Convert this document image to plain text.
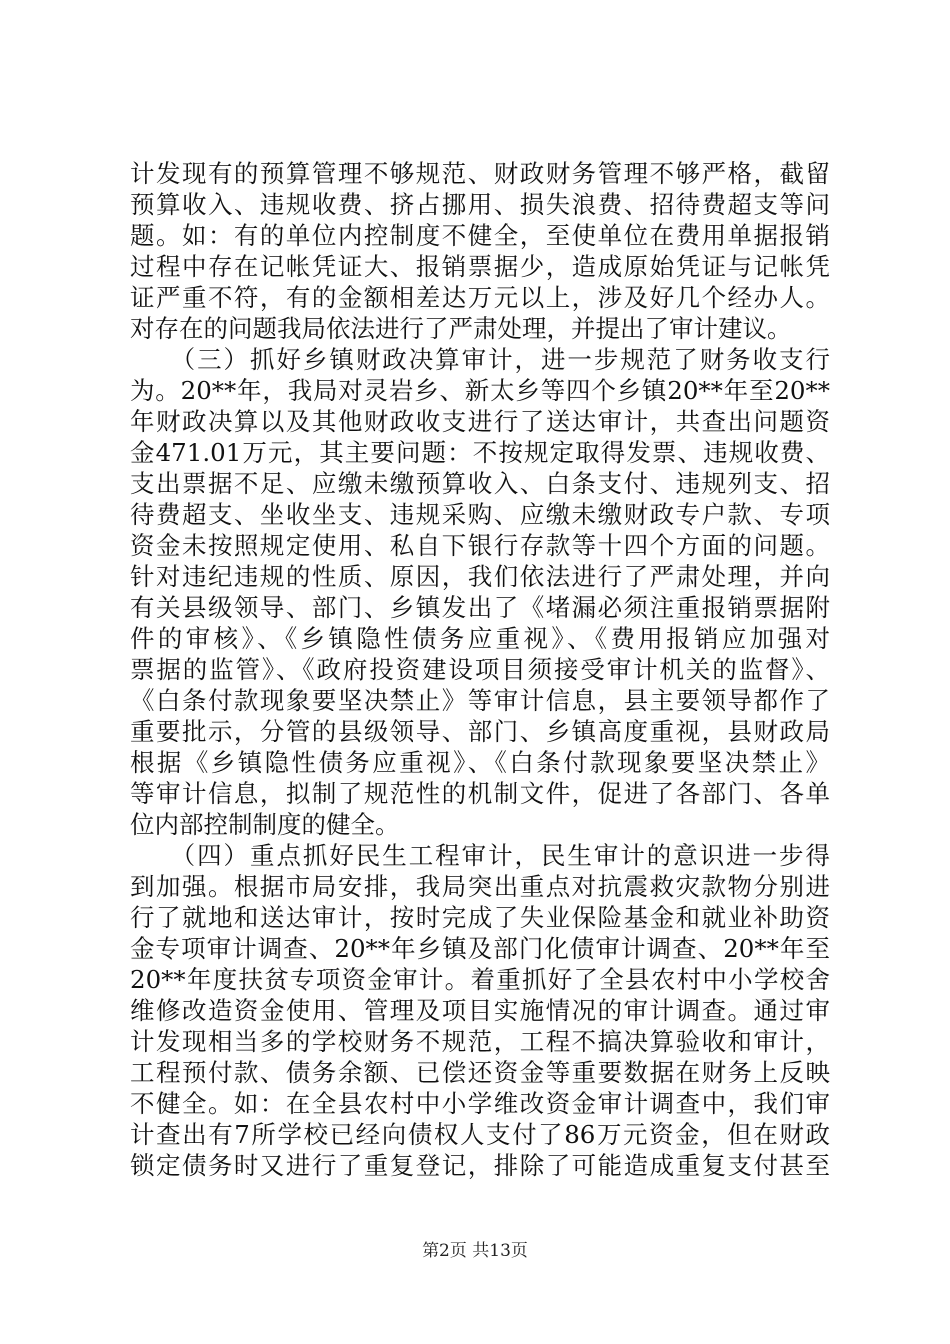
计发现有的预算管理不够规范、财政财务管理不够严格，截留
预算收入、违规收费、挤占挪用、损失浪费、招待费超支等问
题。如：有的单位内控制度不健全，至使单位在费用单据报销
过程中存在记帐凭证大、报销票据少，造成原始凭证与记帐凭
证严重不符，有的金额相差达万元以上，涉及好几个经办人。
对存在的问题我局依法进行了严肃处理，并提出了审计建议。
　　（三）抓好乡镇财政决算审计，进一步规范了财务收支行
为。20**年，我局对灵岩乡、新太乡等四个乡镇20**年至20**
年财政决算以及其他财政收支进行了送达审计，共查出问题资
金471.01万元，其主要问题：不按规定取得发票、违规收费、
支出票据不足、应缴未缴预算收入、白条支付、违规列支、招
待费超支、坐收坐支、违规采购、应缴未缴财政专户款、专项
资金未按照规定使用、私自下银行存款等十四个方面的问题。
针对违纪违规的性质、原因，我们依法进行了严肃处理，并向
有关县级领导、部门、乡镇发出了《堵漏必须注重报销票据附
件的审核》、《乡镇隐性债务应重视》、《费用报销应加强对
票据的监管》、《政府投资建设项目须接受审计机关的监督》、
《白条付款现象要坚决禁止》等审计信息，县主要领导都作了
重要批示，分管的县级领导、部门、乡镇高度重视，县财政局
根据《乡镇隐性债务应重视》、《白条付款现象要坚决禁止》
等审计信息，拟制了规范性的机制文件，促进了各部门、各单
位内部控制制度的健全。
　　（四）重点抓好民生工程审计，民生审计的意识进一步得
到加强。根据市局安排，我局突出重点对抗震救灾款物分别进
行了就地和送达审计，按时完成了失业保险基金和就业补助资
金专项审计调查、20**年乡镇及部门化债审计调查、20**年至
20**年度扶贫专项资金审计。着重抓好了全县农村中小学校舍
维修改造资金使用、管理及项目实施情况的审计调查。通过审
计发现相当多的学校财务不规范，工程不搞决算验收和审计，
工程预付款、债务余额、已偿还资金等重要数据在财务上反映
不健全。如：在全县农村中小学维改资金审计调查中，我们审
计查出有7所学校已经向债权人支付了86万元资金，但在财政
锁定债务时又进行了重复登记，排除了可能造成重复支付甚至
第2页 共13页
